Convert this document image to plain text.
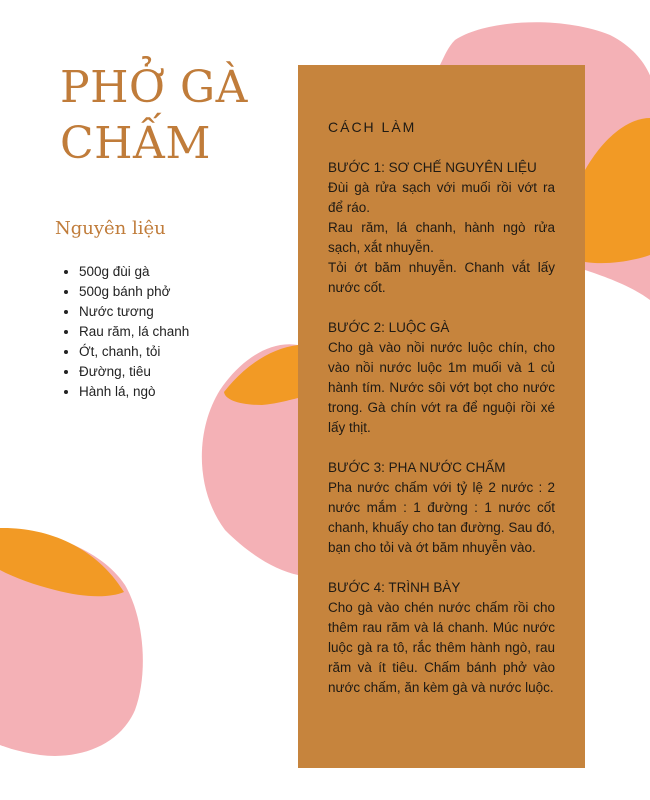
PHỞ GÀ
CHẤM
Nguyên liệu
• 500g đùi gà
• 500g bánh phở
• Nước tương
• Rau răm, lá chanh
• Ớt, chanh, tỏi
• Đường, tiêu
• Hành lá, ngò
CÁCH LÀM
BƯỚC 1: SƠ CHẾ NGUYÊN LIỆU
Đùi gà rửa sạch với muối rồi vớt ra để ráo.
Rau răm, lá chanh, hành ngò rửa sạch, xắt nhuyễn.
Tỏi ớt băm nhuyễn. Chanh vắt lấy nước cốt.
BƯỚC 2: LUỘC GÀ
Cho gà vào nồi nước luộc chín, cho vào nồi nước luộc 1m muối và 1 củ hành tím. Nước sôi vớt bọt cho nước trong. Gà chín vớt ra để nguội rồi xé lấy thịt.
BƯỚC 3: PHA NƯỚC CHẤM
Pha nước chấm với tỷ lệ 2 nước : 2 nước mắm : 1 đường : 1 nước cốt chanh, khuấy cho tan đường. Sau đó, bạn cho tỏi và ớt băm nhuyễn vào.
BƯỚC 4: TRÌNH BÀY
Cho gà vào chén nước chấm rồi cho thêm rau răm và lá chanh. Múc nước luộc gà ra tô, rắc thêm hành ngò, rau răm và ít tiêu. Chấm bánh phở vào nước chấm, ăn kèm gà và nước luộc.
